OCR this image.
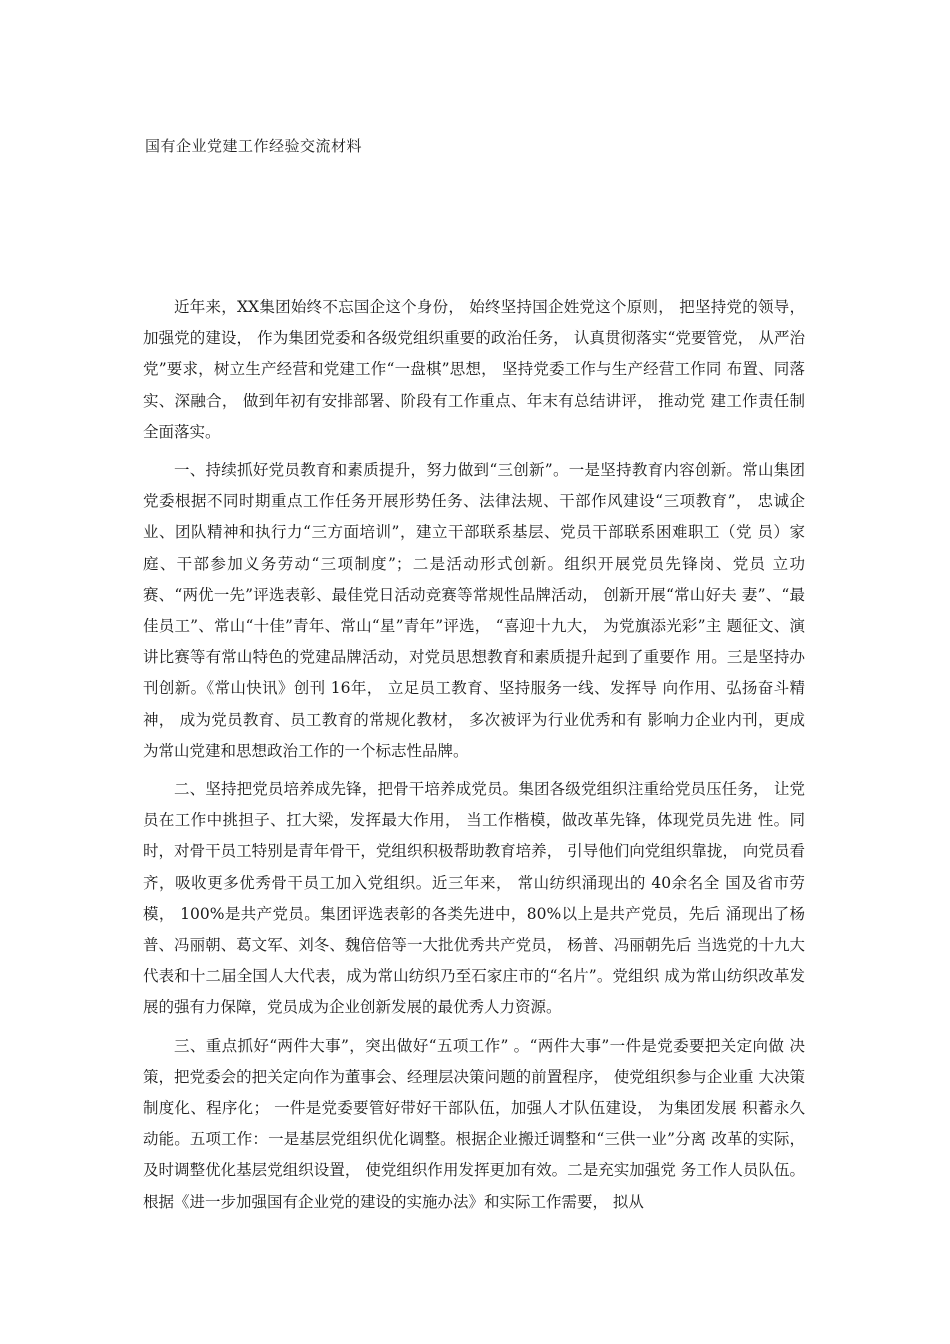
国有企业党建工作经验交流材料

近年来，XX集团始终不忘国企这个身份， 始终坚持国企姓党这个原则， 把坚持党的领导， 加强党的建设， 作为集团党委和各级党组织重要的政治任务， 认真贯彻落实“党要管党， 从严治党”要求，树立生产经营和党建工作“一盘棋”思想， 坚持党委工作与生产经营工作同 布置、同落实、深融合， 做到年初有安排部署、阶段有工作重点、年末有总结讲评， 推动党 建工作责任制全面落实。

一、持续抓好党员教育和素质提升，努力做到“三创新”。一是坚持教育内容创新。常山集团党委根据不同时期重点工作任务开展形势任务、法律法规、干部作风建设“三项教育”， 忠诚企业、团队精神和执行力“三方面培训”，建立干部联系基层、党员干部联系困难职工（党 员）家庭、干部参加义务劳动“三项制度”；二是活动形式创新。组织开展党员先锋岗、党员 立功赛、“两优一先”评选表彰、最佳党日活动竞赛等常规性品牌活动， 创新开展“常山好夫 妻”、“最佳员工”、常山“十佳”青年、常山“星”青年”评选， “喜迎十九大， 为党旗添光彩”主 题征文、演讲比赛等有常山特色的党建品牌活动，对党员思想教育和素质提升起到了重要作 用。三是坚持办刊创新。《常山快讯》创刊 16年， 立足员工教育、坚持服务一线、发挥导 向作用、弘扬奋斗精神， 成为党员教育、员工教育的常规化教材， 多次被评为行业优秀和有 影响力企业内刊，更成为常山党建和思想政治工作的一个标志性品牌。

二、坚持把党员培养成先锋，把骨干培养成党员。集团各级党组织注重给党员压任务， 让党员在工作中挑担子、扛大梁，发挥最大作用， 当工作楷模，做改革先锋，体现党员先进 性。同时，对骨干员工特别是青年骨干，党组织积极帮助教育培养， 引导他们向党组织靠拢， 向党员看齐，吸收更多优秀骨干员工加入党组织。近三年来， 常山纺织涌现出的 40余名全 国及省市劳模， 100%是共产党员。集团评选表彰的各类先进中，80%以上是共产党员，先后 涌现出了杨普、冯丽朝、葛文军、刘冬、魏倍倍等一大批优秀共产党员， 杨普、冯丽朝先后 当选党的十九大代表和十二届全国人大代表，成为常山纺织乃至石家庄市的“名片”。党组织 成为常山纺织改革发展的强有力保障，党员成为企业创新发展的最优秀人力资源。

三、重点抓好“两件大事”，突出做好“五项工作” 。“两件大事”一件是党委要把关定向做 决策，把党委会的把关定向作为董事会、经理层决策问题的前置程序， 使党组织参与企业重 大决策制度化、程序化； 一件是党委要管好带好干部队伍，加强人才队伍建设， 为集团发展 积蓄永久动能。五项工作：一是基层党组织优化调整。根据企业搬迁调整和“三供一业”分离 改革的实际，及时调整优化基层党组织设置， 使党组织作用发挥更加有效。二是充实加强党 务工作人员队伍。根据《进一步加强国有企业党的建设的实施办法》和实际工作需要， 拟从
